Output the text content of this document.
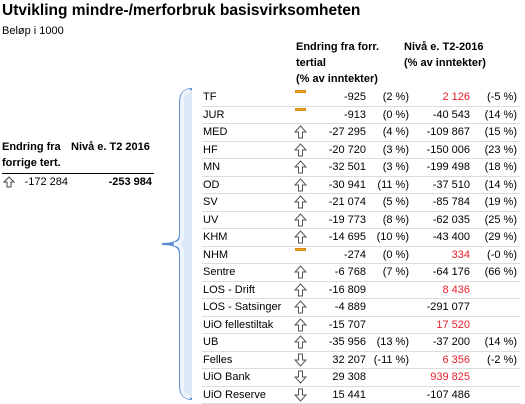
Utvikling mindre-/merforbruk basisvirksomheten
Beløp i 1000
Endring fra forr.
tertial
(% av inntekter)
Nivå e. T2-2016
(% av inntekter)
Endring fra
forrige tert.
Nivå e. T2 2016
-172 284	-253 984
TF	-925 (2 %)	2 126 (-5 %)
JUR	-913 (0 %) -40 543 (14 %)
MED	-27 295 (4 %) -109 867 (15 %)
HF	-20 720 (3 %) -150 006 (23 %)
MN	-32 501 (3 %) -199 498 (18 %)
OD	-30 941 (11 %) -37 510 (14 %)
SV	-21 074 (5 %) -85 784 (19 %)
UV	-19 773 (8 %) -62 035 (25 %)
KHM	-14 695 (10 %) -43 400 (29 %)
NHM	-274 (0 %)	334 (-0 %)
Sentre	-6 768 (7 %) -64 176 (66 %)
LOS - Drift	-16 809	8 436
LOS - Satsinger	-4 889	-291 077
UiO fellestiltak	-15 707	17 520
UB	-35 956 (13 %) -37 200 (14 %)
Felles	32 207 (-11 %)	6 356 (-2 %)
UiO Bank	29 308	939 825
UiO Reserve	15 441	-107 486
